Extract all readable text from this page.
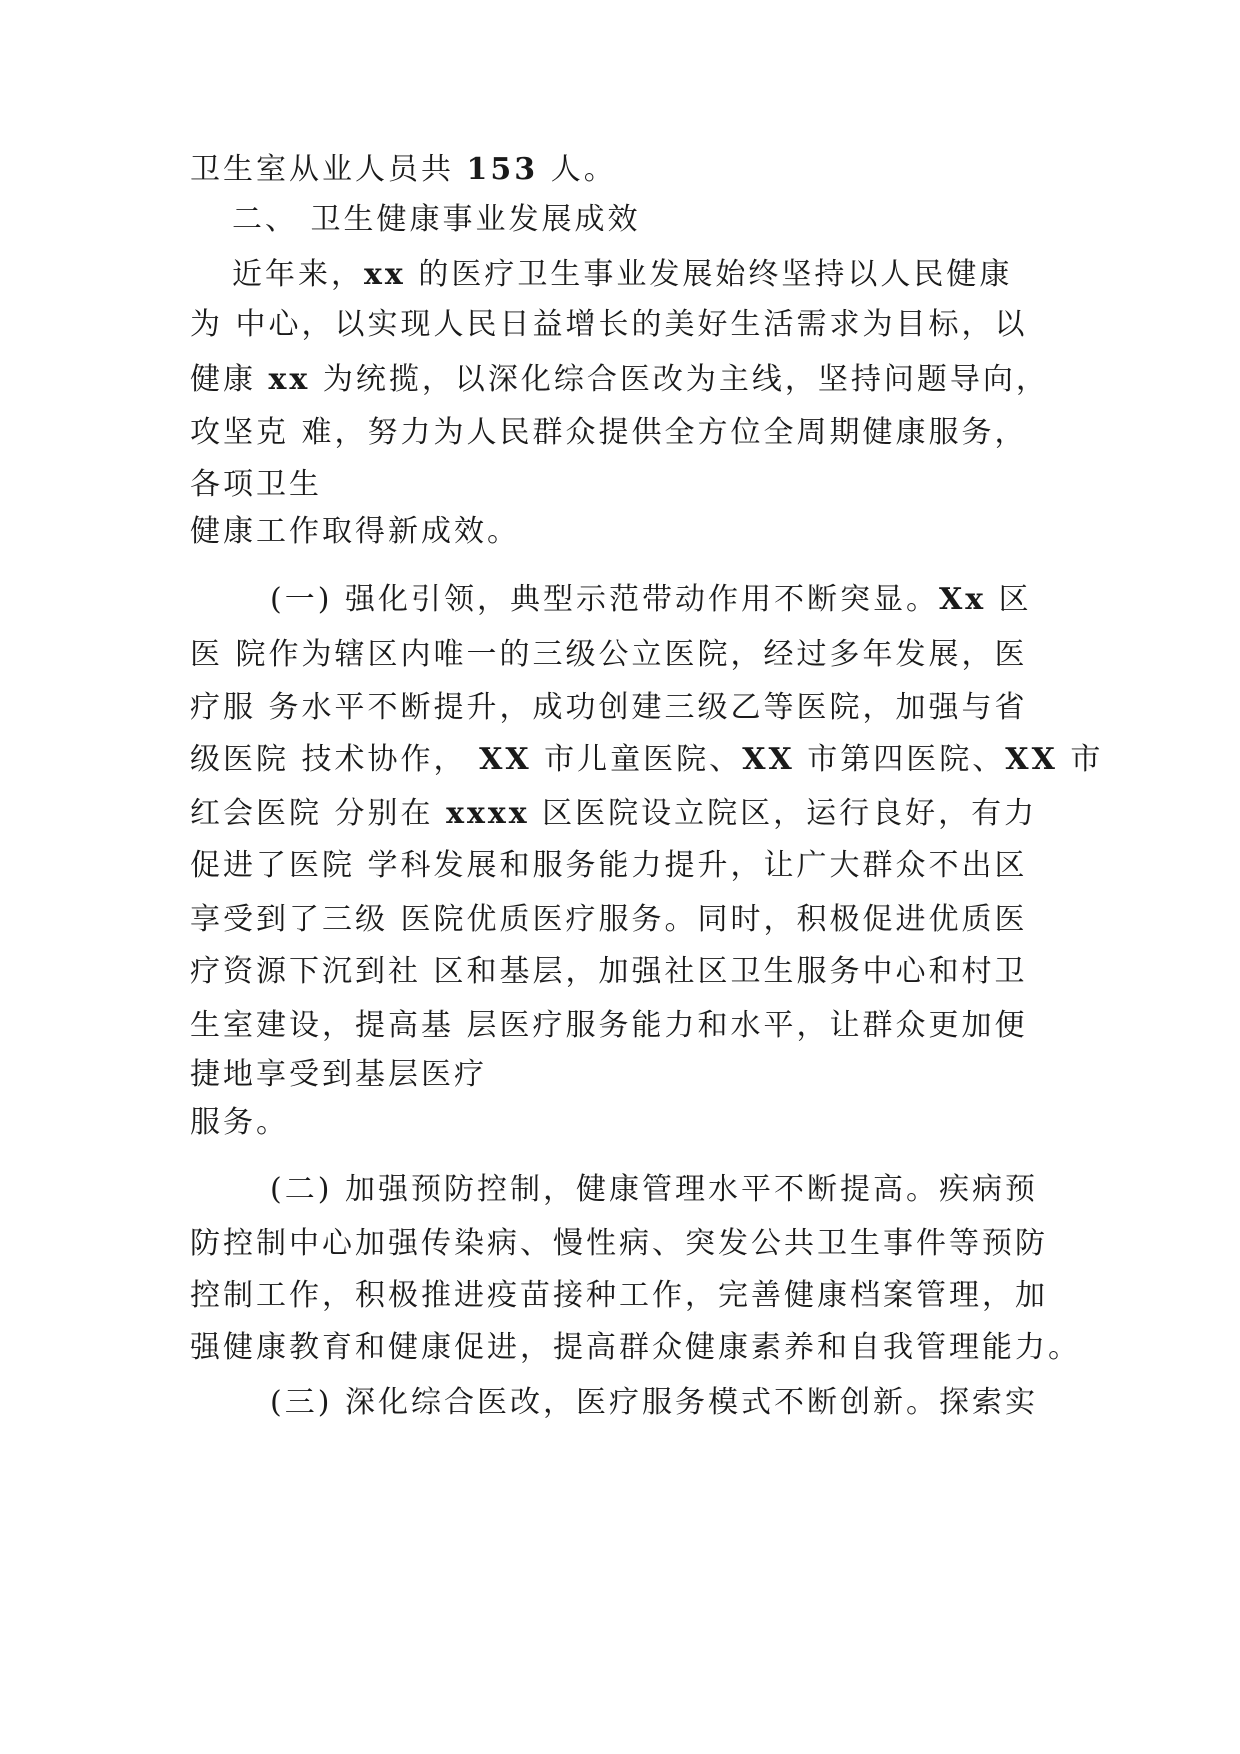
卫生室从业人员共 153 人。
二、 卫生健康事业发展成效
近年来，xx 的医疗卫生事业发展始终坚持以人民健康
为 中心，以实现人民日益增长的美好生活需求为目标，以
健康 xx 为统揽，以深化综合医改为主线，坚持问题导向，
攻坚克 难，努力为人民群众提供全方位全周期健康服务，
各项卫生
健康工作取得新成效。
(一) 强化引领，典型示范带动作用不断突显。Xx 区
医 院作为辖区内唯一的三级公立医院，经过多年发展，医
疗服 务水平不断提升，成功创建三级乙等医院，加强与省
级医院 技术协作， XX 市儿童医院、XX 市第四医院、XX 市
红会医院 分别在 xxxx 区医院设立院区，运行良好，有力
促进了医院 学科发展和服务能力提升，让广大群众不出区
享受到了三级 医院优质医疗服务。同时，积极促进优质医
疗资源下沉到社 区和基层，加强社区卫生服务中心和村卫
生室建设，提高基 层医疗服务能力和水平，让群众更加便
捷地享受到基层医疗
服务。
(二) 加强预防控制，健康管理水平不断提高。疾病预
防控制中心加强传染病、慢性病、突发公共卫生事件等预防
控制工作，积极推进疫苗接种工作，完善健康档案管理，加
强健康教育和健康促进，提高群众健康素养和自我管理能力。
(三) 深化综合医改，医疗服务模式不断创新。探索实
